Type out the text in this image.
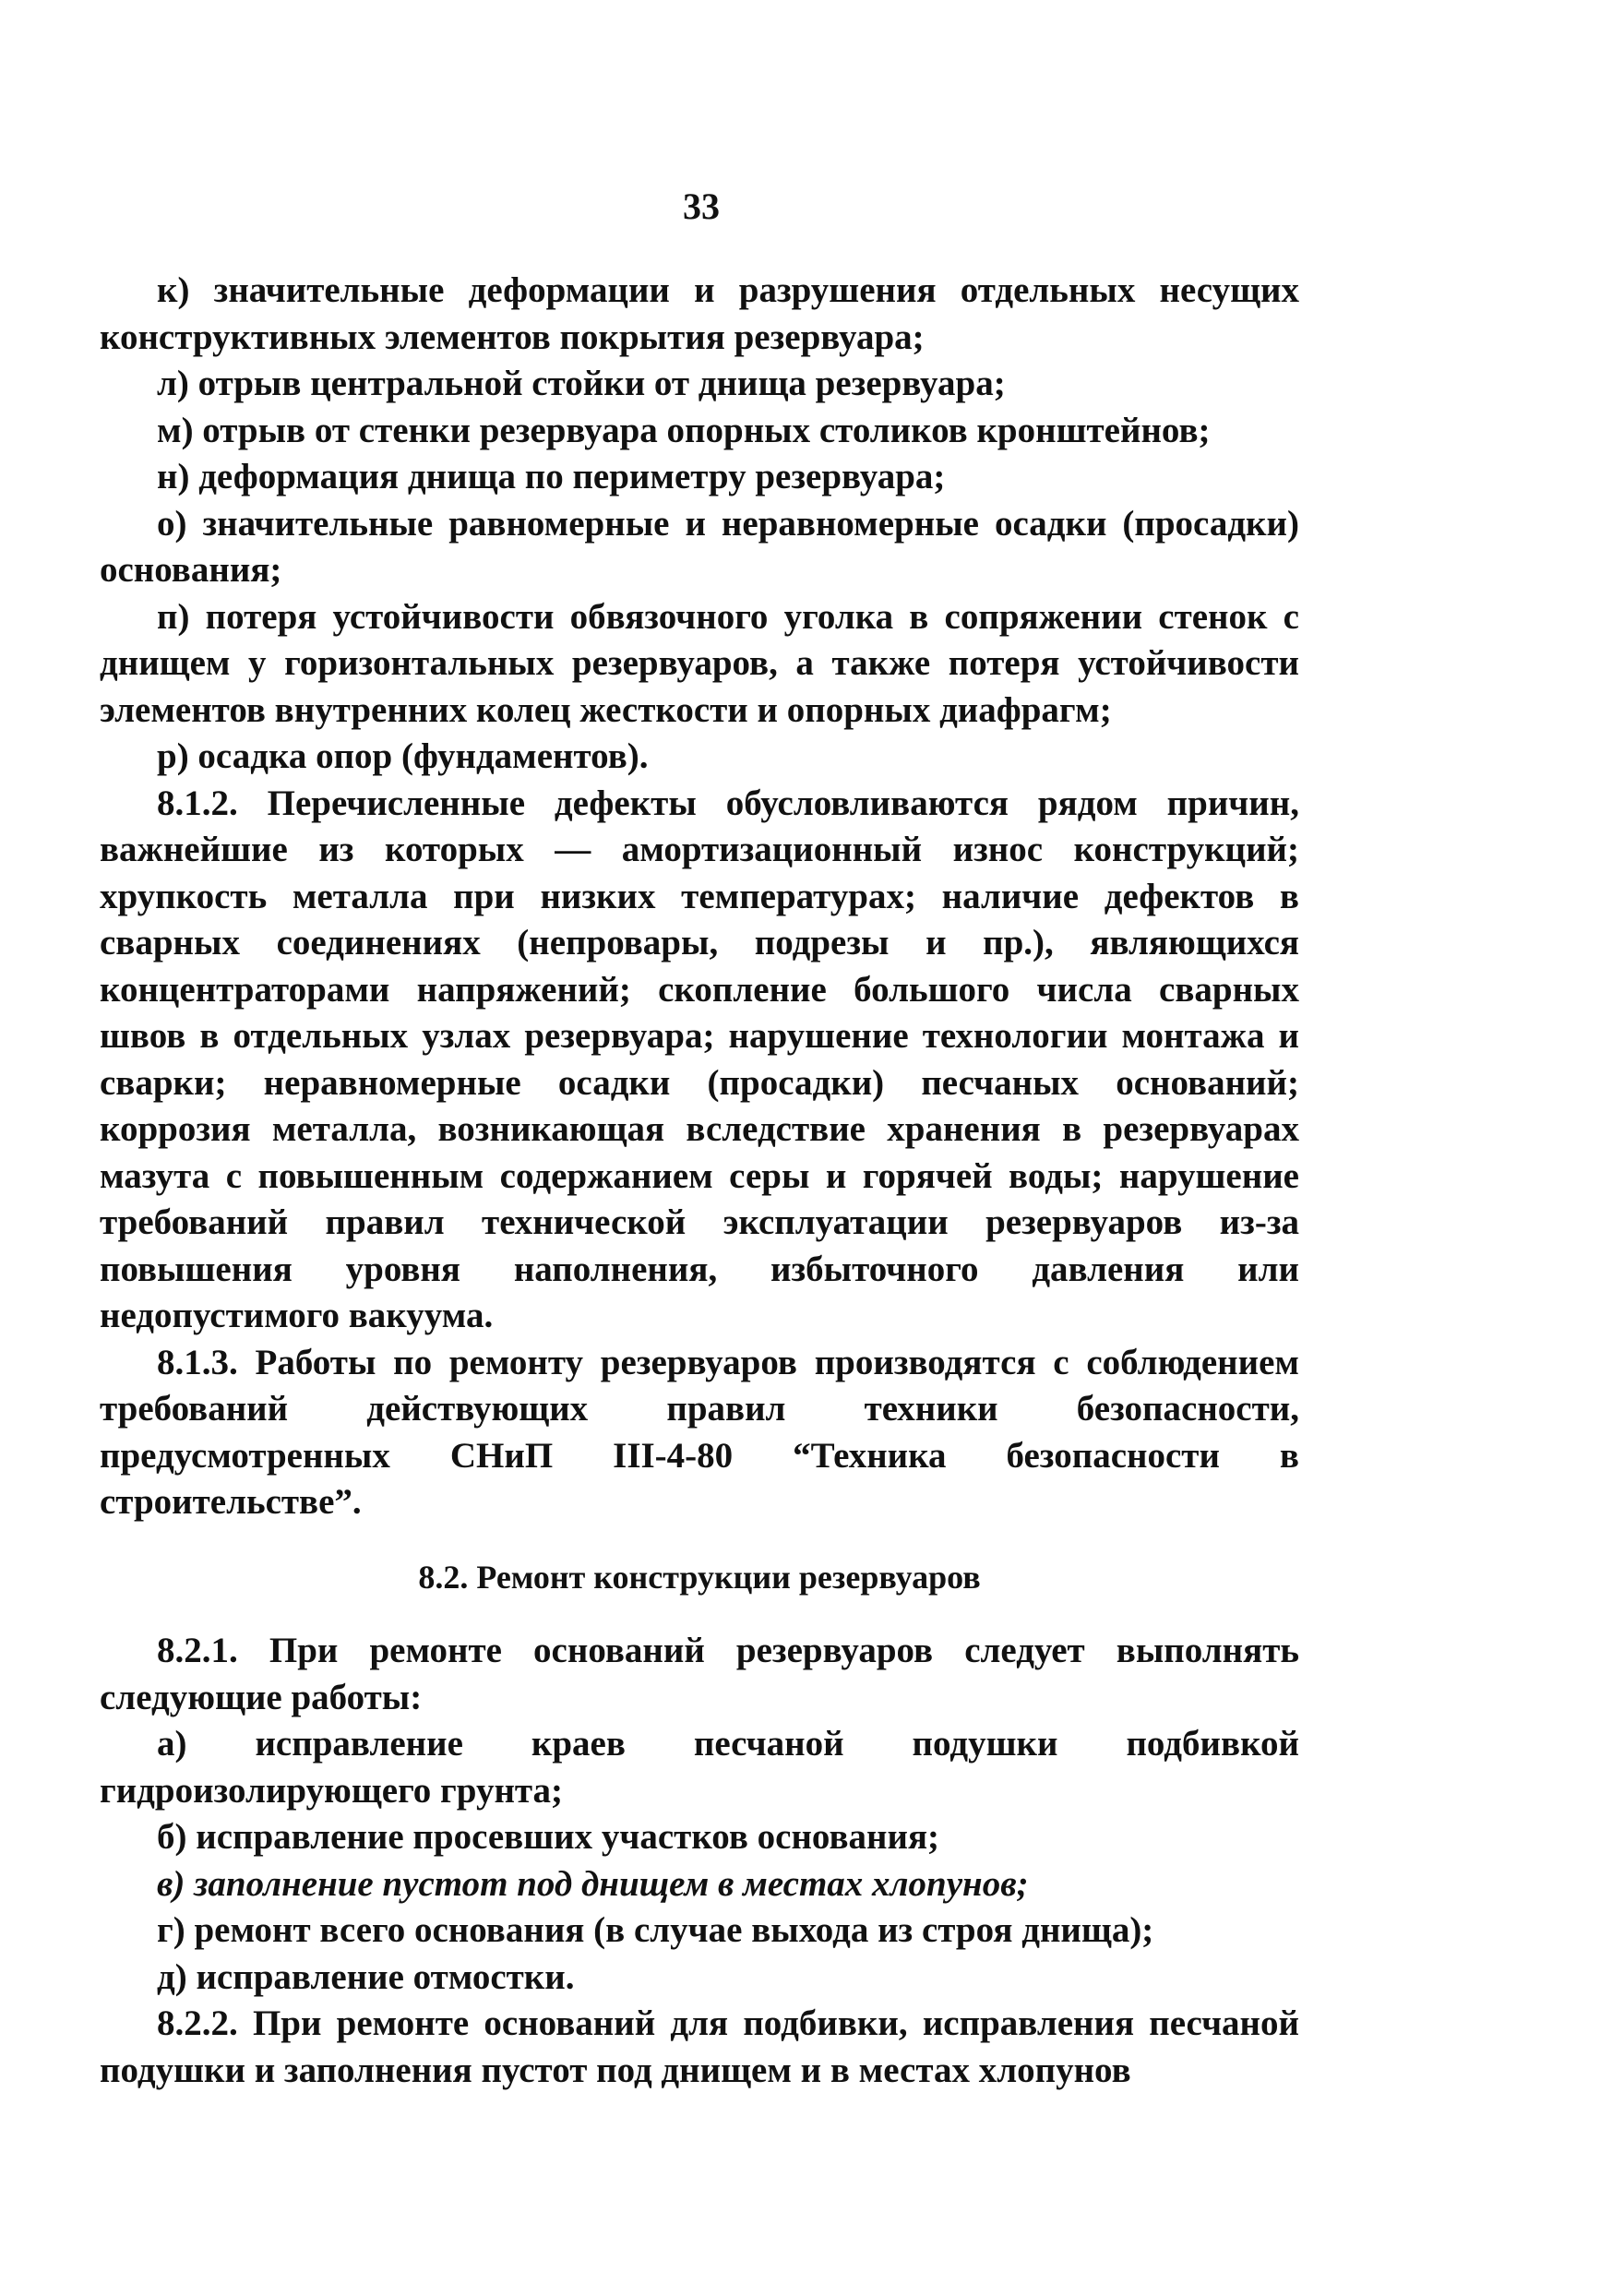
33

к) значительные деформации и разрушения отдельных несущих конструктивных элементов покрытия резервуара;

л) отрыв центральной стойки от днища резервуара;

м) отрыв от стенки резервуара опорных столиков кронштейнов;

н) деформация днища по периметру резервуара;

о) значительные равномерные и неравномерные осадки (просадки) основания;

п) потеря устойчивости обвязочного уголка в сопряжении стенок с днищем у горизонтальных резервуаров, а также потеря устойчивости элементов внутренних колец жесткости и опорных диафрагм;

р) осадка опор (фундаментов).

8.1.2. Перечисленные дефекты обусловливаются рядом причин, важнейшие из которых — амортизационный износ конструкций; хрупкость металла при низких температурах; наличие дефектов в сварных соединениях (непровары, подрезы и пр.), являющихся концентраторами напряжений; скопление большого числа сварных швов в отдельных узлах резервуара; нарушение технологии монтажа и сварки; неравномерные осадки (просадки) песчаных оснований; коррозия металла, возникающая вследствие хранения в резервуарах мазута с повышенным содержанием серы и горячей воды; нарушение требований правил технической эксплуатации резервуаров из-за повышения уровня наполнения, избыточного давления или недопустимого вакуума.

8.1.3. Работы по ремонту резервуаров производятся с соблюдением требований действующих правил техники безопасности, предусмотренных СНиП III-4-80 “Техника безопасности в строительстве”.

8.2. Ремонт конструкции резервуаров

8.2.1. При ремонте оснований резервуаров следует выполнять следующие работы:

а) исправление краев песчаной подушки подбивкой гидроизолирующего грунта;

б) исправление просевших участков основания;

в) заполнение пустот под днищем в местах хлопунов;

г) ремонт всего основания (в случае выхода из строя днища);

д) исправление отмостки.

8.2.2. При ремонте оснований для подбивки, исправления песчаной подушки и заполнения пустот под днищем и в местах хлопунов
